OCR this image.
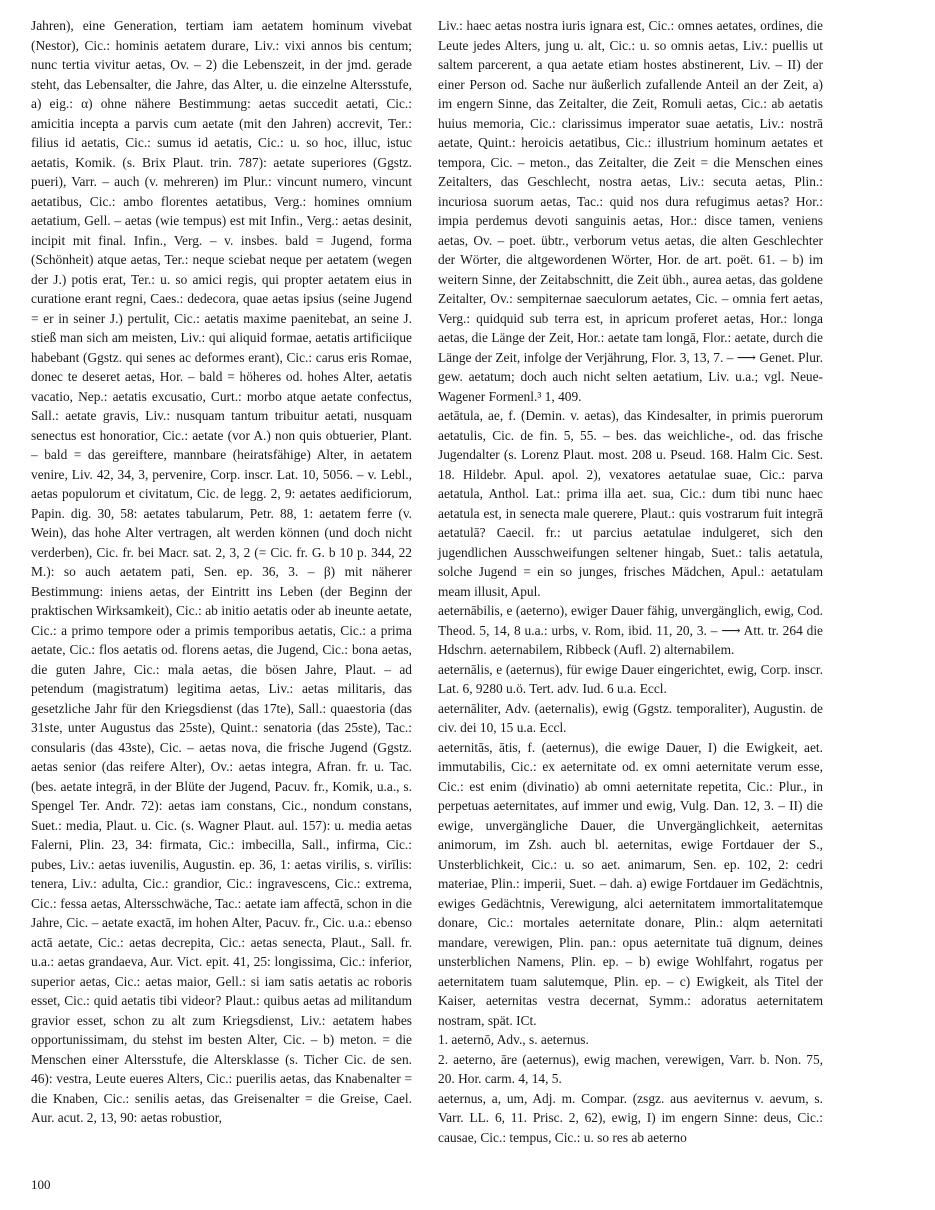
Jahren), eine Generation, tertiam iam aetatem hominum vivebat (Nestor), Cic.: hominis aetatem durare, Liv.: vixi annos bis centum; nunc tertia vivitur aetas, Ov. – 2) die Lebenszeit, in der jmd. gerade steht, das Lebensalter, die Jahre, das Alter, u. die einzelne Altersstufe, a) eig.: α) ohne nähere Bestimmung: aetas succedit aetati, Cic.: amicitia incepta a parvis cum aetate (mit den Jahren) accrevit, Ter.: filius id aetatis, Cic.: sumus id aetatis, Cic.: u. so hoc, illuc, istuc aetatis, Komik. (s. Brix Plaut. trin. 787): aetate superiores (Ggstz. pueri), Varr. – auch (v. mehreren) im Plur.: vincunt numero, vincunt aetatibus, Cic.: ambo florentes aetatibus, Verg.: homines omnium aetatium, Gell. – aetas (wie tempus) est mit Infin., Verg.: aetas desinit, incipit mit final. Infin., Verg. – v. insbes. bald = Jugend, forma (Schönheit) atque aetas, Ter.: neque sciebat neque per aetatem (wegen der J.) potis erat, Ter.: u. so amici regis, qui propter aetatem eius in curatione erant regni, Caes.: dedecora, quae aetas ipsius (seine Jugend = er in seiner J.) pertulit, Cic.: aetatis maxime paenitebat, an seine J. stieß man sich am meisten, Liv.: qui aliquid formae, aetatis artificiique habebant (Ggstz. qui senes ac deformes erant), Cic.: carus eris Romae, donec te deseret aetas, Hor. – bald = höheres od. hohes Alter, aetatis vacatio, Nep.: aetatis excusatio, Curt.: morbo atque aetate confectus, Sall.: aetate gravis, Liv.: nusquam tantum tribuitur aetati, nusquam senectus est honoratior, Cic.: aetate (vor A.) non quis obtuerier, Plant. – bald = das gereiftere, mannbare (heiratsfähige) Alter, in aetatem venire, Liv. 42, 34, 3, pervenire, Corp. inscr. Lat. 10, 5056. – v. Lebl., aetas populorum et civitatum, Cic. de legg. 2, 9: aetates aedificiorum, Papin. dig. 30, 58: aetates tabularum, Petr. 88, 1: aetatem ferre (v. Wein), das hohe Alter vertragen, alt werden können (und doch nicht verderben), Cic. fr. bei Macr. sat. 2, 3, 2 (= Cic. fr. G. b 10 p. 344, 22 M.): so auch aetatem pati, Sen. ep. 36, 3. – β) mit näherer Bestimmung: iniens aetas, der Eintritt ins Leben (der Beginn der praktischen Wirksamkeit), Cic.: ab initio aetatis oder ab ineunte aetate, Cic.: a primo tempore oder a primis temporibus aetatis, Cic.: a prima aetate, Cic.: flos aetatis od. florens aetas, die Jugend, Cic.: bona aetas, die guten Jahre, Cic.: mala aetas, die bösen Jahre, Plaut. – ad petendum (magistratum) legitima aetas, Liv.: aetas militaris, das gesetzliche Jahr für den Kriegsdienst (das 17te), Sall.: quaestoria (das 31ste, unter Augustus das 25ste), Quint.: senatoria (das 25ste), Tac.: consularis (das 43ste), Cic. – aetas nova, die frische Jugend (Ggstz. aetas senior (das reifere Alter), Ov.: aetas integra, Afran. fr. u. Tac. (bes. aetate integrā, in der Blüte der Jugend, Pacuv. fr., Komik, u.a., s. Spengel Ter. Andr. 72): aetas iam constans, Cic., nondum constans, Suet.: media, Plaut. u. Cic. (s. Wagner Plaut. aul. 157): u. media aetas Falerni, Plin. 23, 34: firmata, Cic.: imbecilla, Sall., infirma, Cic.: pubes, Liv.: aetas iuvenilis, Augustin. ep. 36, 1: aetas virilis, s. virīlis: tenera, Liv.: adulta, Cic.: grandior, Cic.: ingravescens, Cic.: extrema, Cic.: fessa aetas, Altersschwäche, Tac.: aetate iam affectā, schon in die Jahre, Cic. – aetate exactā, im hohen Alter, Pacuv. fr., Cic. u.a.: ebenso actā aetate, Cic.: aetas decrepita, Cic.: aetas senecta, Plaut., Sall. fr. u.a.: aetas grandaeva, Aur. Vict. epit. 41, 25: longissima, Cic.: inferior, superior aetas, Cic.: aetas maior, Gell.: si iam satis aetatis ac roboris esset, Cic.: quid aetatis tibi videor? Plaut.: quibus aetas ad militandum gravior esset, schon zu alt zum Kriegsdienst, Liv.: aetatem habes opportunissimam, du stehst im besten Alter, Cic. – b) meton. = die Menschen einer Altersstufe, die Altersklasse (s. Ticher Cic. de sen. 46): vestra, Leute eueres Alters, Cic.: puerilis aetas, das Knabenalter = die Knaben, Cic.: senilis aetas, das Greisenalter = die Greise, Cael. Aur. acut. 2, 13, 90: aetas robustior,

Liv.: haec aetas nostra iuris ignara est, Cic.: omnes aetates, ordines, die Leute jedes Alters, jung u. alt, Cic.: u. so omnis aetas, Liv.: puellis ut saltem parcerent, a qua aetate etiam hostes abstinerent, Liv. – II) der einer Person od. Sache nur äußerlich zufallende Anteil an der Zeit, a) im engern Sinne, das Zeitalter, die Zeit, Romuli aetas, Cic.: ab aetatis huius memoria, Cic.: clarissimus imperator suae aetatis, Liv.: nostrā aetate, Quint.: heroicis aetatibus, Cic.: illustrium hominum aetates et tempora, Cic. – meton., das Zeitalter, die Zeit = die Menschen eines Zeitalters, das Geschlecht, nostra aetas, Liv.: secuta aetas, Plin.: incuriosa suorum aetas, Tac.: quid nos dura refugimus aetas? Hor.: impia perdemus devoti sanguinis aetas, Hor.: disce tamen, veniens aetas, Ov. – poet. übtr., verborum vetus aetas, die alten Geschlechter der Wörter, die altgewordenen Wörter, Hor. de art. poët. 61. – b) im weitern Sinne, der Zeitabschnitt, die Zeit übh., aurea aetas, das goldene Zeitalter, Ov.: sempiternae saeculorum aetates, Cic. – omnia fert aetas, Verg.: quidquid sub terra est, in apricum proferet aetas, Hor.: longa aetas, die Länge der Zeit, Hor.: aetate tam longā, Flor.: aetate, durch die Länge der Zeit, infolge der Verjährung, Flor. 3, 13, 7. – ⟶ Genet. Plur. gew. aetatum; doch auch nicht selten aetatium, Liv. u.a.; vgl. Neue-Wagener Formenl.³ 1, 409.

aetātula, ae, f. (Demin. v. aetas), das Kindesalter, in primis puerorum aetatulis, Cic. de fin. 5, 55. – bes. das weichliche-, od. das frische Jugendalter (s. Lorenz Plaut. most. 208 u. Pseud. 168. Halm Cic. Sest. 18. Hildebr. Apul. apol. 2), vexatores aetatulae suae, Cic.: parva aetatula, Anthol. Lat.: prima illa aet. sua, Cic.: dum tibi nunc haec aetatula est, in senecta male querere, Plaut.: quis vostrarum fuit integrā aetatulā? Caecil. fr.: ut parcius aetatulae indulgeret, sich den jugendlichen Ausschweifungen seltener hingab, Suet.: talis aetatula, solche Jugend = ein so junges, frisches Mädchen, Apul.: aetatulam meam illusit, Apul.

aeternābilis, e (aeterno), ewiger Dauer fähig, unvergänglich, ewig, Cod. Theod. 5, 14, 8 u.a.: urbs, v. Rom, ibid. 11, 20, 3. – ⟶ Att. tr. 264 die Hdschrn. aeternabilem, Ribbeck (Aufl. 2) alternabilem.

aeternālis, e (aeternus), für ewige Dauer eingerichtet, ewig, Corp. inscr. Lat. 6, 9280 u.ö. Tert. adv. Iud. 6 u.a. Eccl.

aeternāliter, Adv. (aeternalis), ewig (Ggstz. temporaliter), Augustin. de civ. dei 10, 15 u.a. Eccl.

aeternitās, ātis, f. (aeternus), die ewige Dauer, I) die Ewigkeit, aet. immutabilis, Cic.: ex aeternitate od. ex omni aeternitate verum esse, Cic.: est enim (divinatio) ab omni aeternitate repetita, Cic.: Plur., in perpetuas aeternitates, auf immer und ewig, Vulg. Dan. 12, 3. – II) die ewige, unvergängliche Dauer, die Unvergänglichkeit, aeternitas animorum, im Zsh. auch bl. aeternitas, ewige Fortdauer der S., Unsterblichkeit, Cic.: u. so aet. animarum, Sen. ep. 102, 2: cedri materiae, Plin.: imperii, Suet. – dah. a) ewige Fortdauer im Gedächtnis, ewiges Gedächtnis, Verewigung, alci aeternitatem immortalitatemque donare, Cic.: mortales aeternitate donare, Plin.: alqm aeternitati mandare, verewigen, Plin. pan.: opus aeternitate tuā dignum, deines unsterblichen Namens, Plin. ep. – b) ewige Wohlfahrt, rogatus per aeternitatem tuam salutemque, Plin. ep. – c) Ewigkeit, als Titel der Kaiser, aeternitas vestra decernat, Symm.: adoratus aeternitatem nostram, spät. ICt.

1. aeternō, Adv., s. aeternus.

2. aeterno, āre (aeternus), ewig machen, verewigen, Varr. b. Non. 75, 20. Hor. carm. 4, 14, 5.

aeternus, a, um, Adj. m. Compar. (zsgz. aus aeviternus v. aevum, s. Varr. LL. 6, 11. Prisc. 2, 62), ewig, I) im engern Sinne: deus, Cic.: causae, Cic.: tempus, Cic.: u. so res ab aeterno

100
